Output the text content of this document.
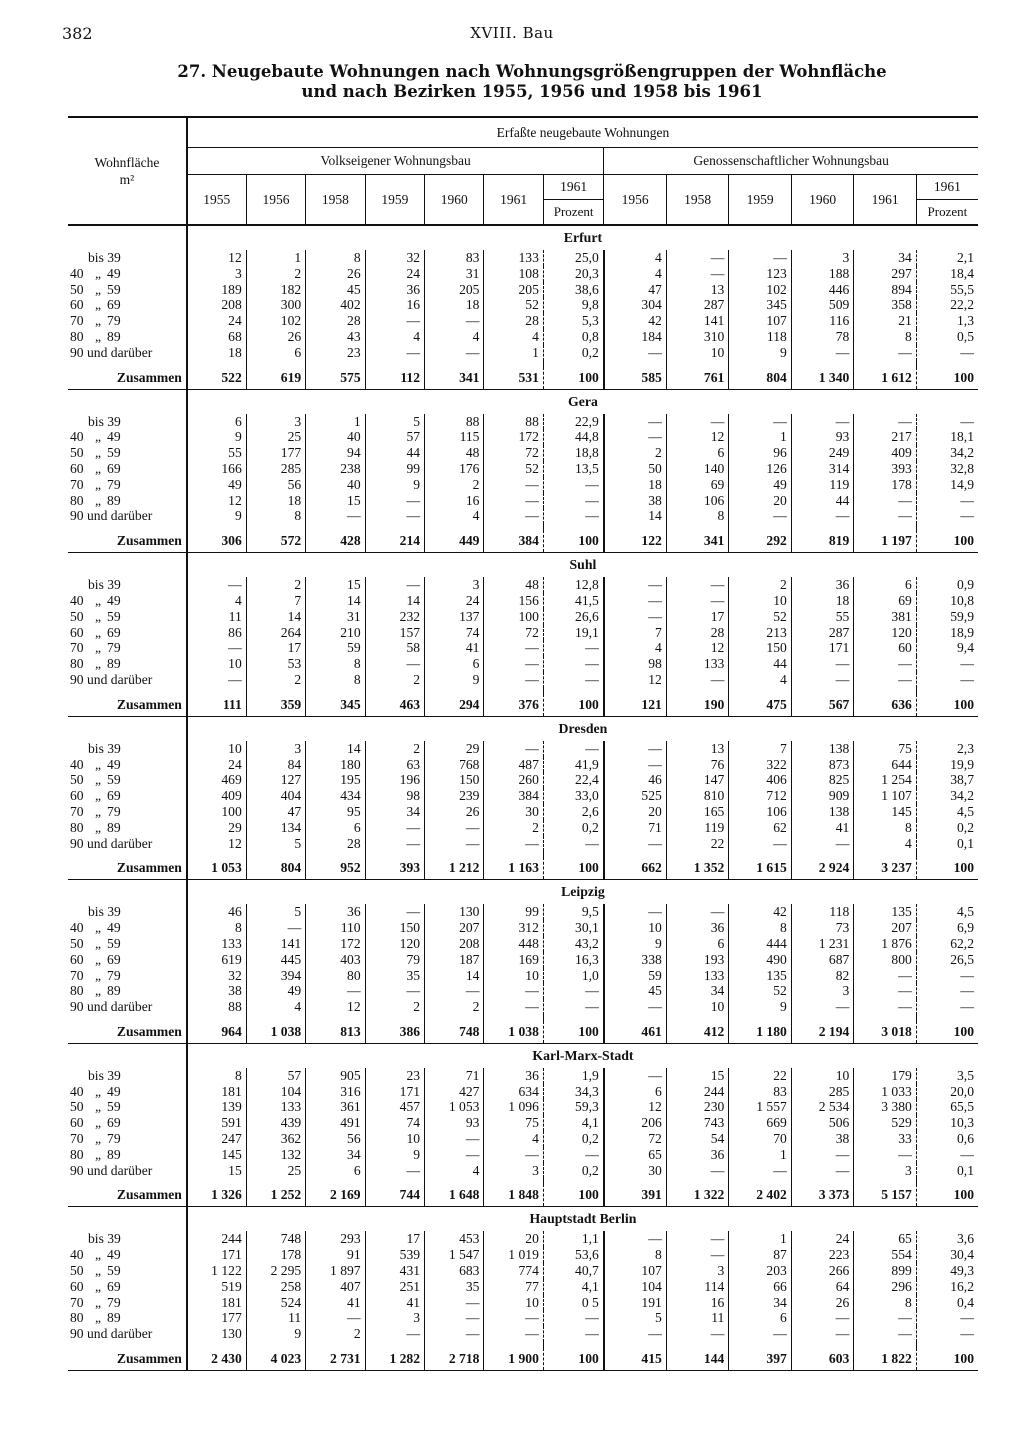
382	XVIII. Bau
27. Neugebaute Wohnungen nach Wohnungsgrößengruppen der Wohnfläche
und nach Bezirken 1955, 1956 und 1958 bis 1961
Wohnfläche
m²	Erfaßte neugebaute Wohnungen												
	Volkseigener Wohnungsbau							Genossenschaftlicher Wohnungsbau					
	1955	1956	1958	1959	1960	1961	1961	1956	1958	1959	1960	1961	1961
							Prozent						Prozent
	Erfurt												
bis 39	12	1	8	32	83	133	25,0	4	—	—	3	34	2,1
40 „ 49	3	2	26	24	31	108	20,3	4	—	123	188	297	18,4
50 „ 59	189	182	45	36	205	205	38,6	47	13	102	446	894	55,5
60 „ 69	208	300	402	16	18	52	9,8	304	287	345	509	358	22,2
70 „ 79	24	102	28	—	—	28	5,3	42	141	107	116	21	1,3
80 „ 89	68	26	43	4	4	4	0,8	184	310	118	78	8	0,5
90 und darüber	18	6	23	—	—	1	0,2	—	10	9	—	—	—

Zusammen	522	619	575	112	341	531	100	585	761	804	1 340	1 612	100
	Gera												
bis 39	6	3	1	5	88	88	22,9	—	—	—	—	—	—
40 „ 49	9	25	40	57	115	172	44,8	—	12	1	93	217	18,1
50 „ 59	55	177	94	44	48	72	18,8	2	6	96	249	409	34,2
60 „ 69	166	285	238	99	176	52	13,5	50	140	126	314	393	32,8
70 „ 79	49	56	40	9	2	—	—	18	69	49	119	178	14,9
80 „ 89	12	18	15	—	16	—	—	38	106	20	44	—	—
90 und darüber	9	8	—	—	4	—	—	14	8	—	—	—	—

Zusammen	306	572	428	214	449	384	100	122	341	292	819	1 197	100
	Suhl												
bis 39	—	2	15	—	3	48	12,8	—	—	2	36	6	0,9
40 „ 49	4	7	14	14	24	156	41,5	—	—	10	18	69	10,8
50 „ 59	11	14	31	232	137	100	26,6	—	17	52	55	381	59,9
60 „ 69	86	264	210	157	74	72	19,1	7	28	213	287	120	18,9
70 „ 79	—	17	59	58	41	—	—	4	12	150	171	60	9,4
80 „ 89	10	53	8	—	6	—	—	98	133	44	—	—	—
90 und darüber	—	2	8	2	9	—	—	12	—	4	—	—	—

Zusammen	111	359	345	463	294	376	100	121	190	475	567	636	100
	Dresden												
bis 39	10	3	14	2	29	—	—	—	13	7	138	75	2,3
40 „ 49	24	84	180	63	768	487	41,9	—	76	322	873	644	19,9
50 „ 59	469	127	195	196	150	260	22,4	46	147	406	825	1 254	38,7
60 „ 69	409	404	434	98	239	384	33,0	525	810	712	909	1 107	34,2
70 „ 79	100	47	95	34	26	30	2,6	20	165	106	138	145	4,5
80 „ 89	29	134	6	—	—	2	0,2	71	119	62	41	8	0,2
90 und darüber	12	5	28	—	—	—	—	—	22	—	—	4	0,1

Zusammen	1 053	804	952	393	1 212	1 163	100	662	1 352	1 615	2 924	3 237	100
	Leipzig												
bis 39	46	5	36	—	130	99	9,5	—	—	42	118	135	4,5
40 „ 49	8	—	110	150	207	312	30,1	10	36	8	73	207	6,9
50 „ 59	133	141	172	120	208	448	43,2	9	6	444	1 231	1 876	62,2
60 „ 69	619	445	403	79	187	169	16,3	338	193	490	687	800	26,5
70 „ 79	32	394	80	35	14	10	1,0	59	133	135	82	—	—
80 „ 89	38	49	—	—	—	—	—	45	34	52	3	—	—
90 und darüber	88	4	12	2	2	—	—	—	10	9	—	—	—

Zusammen	964	1 038	813	386	748	1 038	100	461	412	1 180	2 194	3 018	100
	Karl-Marx-Stadt												
bis 39	8	57	905	23	71	36	1,9	—	15	22	10	179	3,5
40 „ 49	181	104	316	171	427	634	34,3	6	244	83	285	1 033	20,0
50 „ 59	139	133	361	457	1 053	1 096	59,3	12	230	1 557	2 534	3 380	65,5
60 „ 69	591	439	491	74	93	75	4,1	206	743	669	506	529	10,3
70 „ 79	247	362	56	10	—	4	0,2	72	54	70	38	33	0,6
80 „ 89	145	132	34	9	—	—	—	65	36	1	—	—	—
90 und darüber	15	25	6	—	4	3	0,2	30	—	—	—	3	0,1

Zusammen	1 326	1 252	2 169	744	1 648	1 848	100	391	1 322	2 402	3 373	5 157	100
	Hauptstadt Berlin												
bis 39	244	748	293	17	453	20	1,1	—	—	1	24	65	3,6
40 „ 49	171	178	91	539	1 547	1 019	53,6	8	—	87	223	554	30,4
50 „ 59	1 122	2 295	1 897	431	683	774	40,7	107	3	203	266	899	49,3
60 „ 69	519	258	407	251	35	77	4,1	104	114	66	64	296	16,2
70 „ 79	181	524	41	41	—	10	0 5	191	16	34	26	8	0,4
80 „ 89	177	11	—	3	—	—	—	5	11	6	—	—	—
90 und darüber	130	9	2	—	—	—	—	—	—	—	—	—	—

Zusammen	2 430	4 023	2 731	1 282	2 718	1 900	100	415	144	397	603	1 822	100
